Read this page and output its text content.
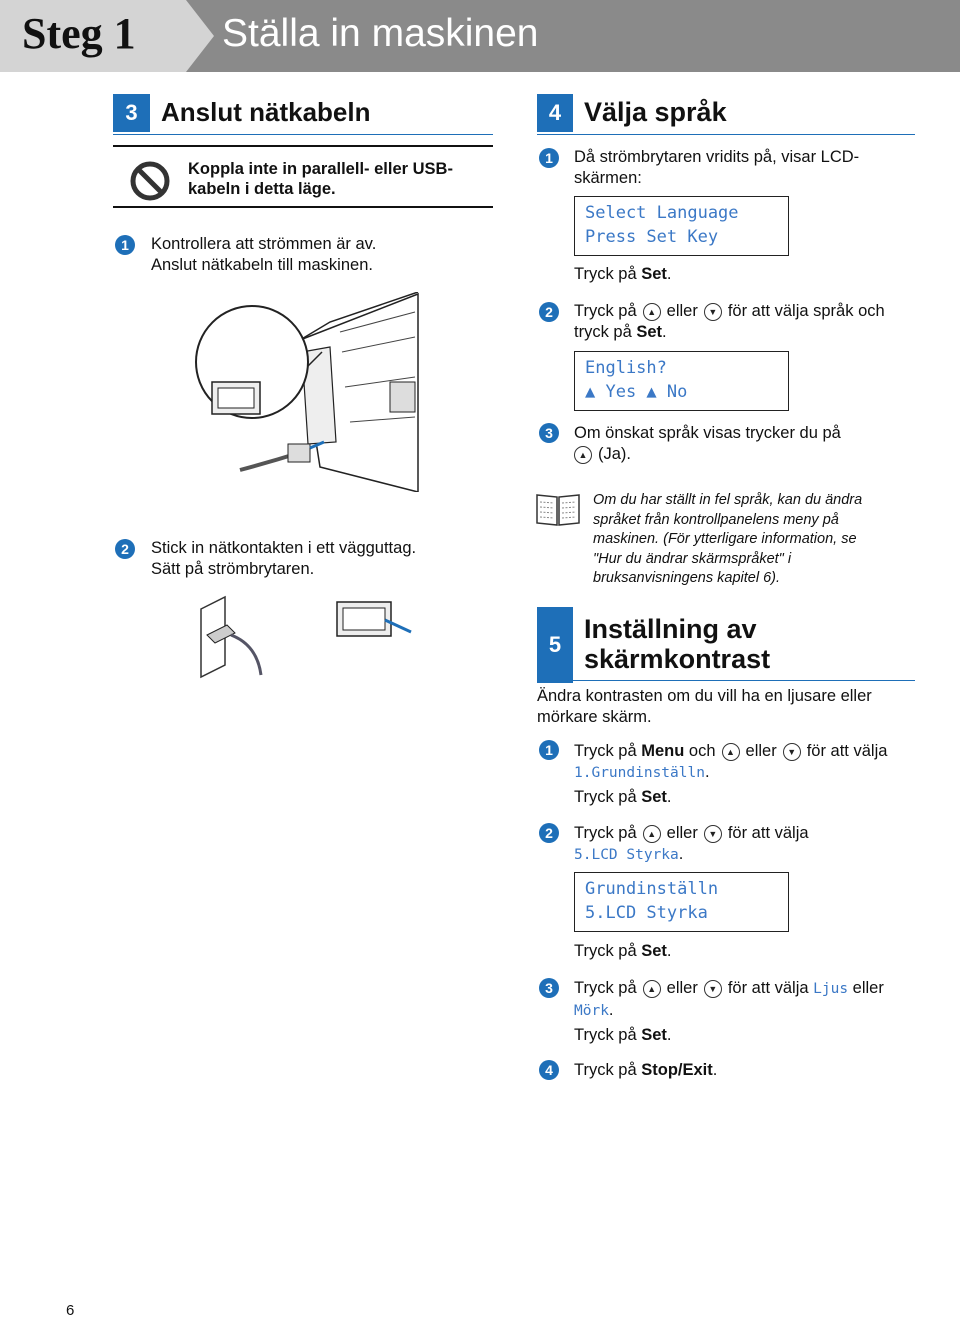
Steg 1 Ställa in maskinen
3 Anslut nätkabeln
Koppla inte in parallell- eller USB-
kabeln i detta läge.
1	Kontrollera att strömmen är av.
Anslut nätkabeln till maskinen.
2	Stick in nätkontakten i ett vägguttag.
Sätt på strömbrytaren.
4 Välja språk
1	Då strömbrytaren vridits på, visar LCD-
skärmen:
Select Language
Press Set Key
Tryck på Set.
2	Tryck på ▲ eller ▼ för att välja språk och
tryck på Set.
English?
▲ Yes ▲ No
3	Om önskat språk visas trycker du på
▲ (Ja).
Om du har ställt in fel språk, kan du ändra
språket från kontrollpanelens meny på
maskinen. (För ytterligare information, se
"Hur du ändrar skärmspråket" i
bruksanvisningens kapitel 6).
5
Inställning av
skärmkontrast
Ändra kontrasten om du vill ha en ljusare eller
mörkare skärm.
1	Tryck på Menu och ▲ eller ▼ för att välja
1.Grundinställn.
Tryck på Set.
2	Tryck på ▲ eller ▼ för att välja
5.LCD Styrka.
Grundinställn
5.LCD Styrka
Tryck på Set.
3	Tryck på ▲ eller ▼ för att välja Ljus eller
Mörk.
Tryck på Set.
4	Tryck på Stop/Exit.
6
